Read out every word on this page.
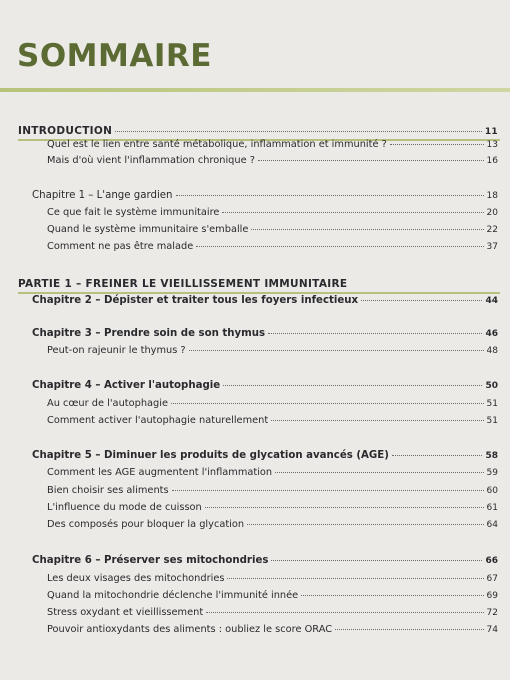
SOMMAIRE
INTRODUCTION	11
Quel est le lien entre santé métabolique, inflammation et immunité ?	13
Mais d'où vient l'inflammation chronique ?	16
Chapitre 1 – L'ange gardien	18
Ce que fait le système immunitaire	20
Quand le système immunitaire s'emballe	22
Comment ne pas être malade	37
PARTIE 1 – FREINER LE VIEILLISSEMENT IMMUNITAIRE
Chapitre 2 – Dépister et traiter tous les foyers infectieux	44
Chapitre 3 – Prendre soin de son thymus	46
Peut-on rajeunir le thymus ?	48
Chapitre 4 – Activer l'autophagie	50
Au cœur de l'autophagie	51
Comment activer l'autophagie naturellement	51
Chapitre 5 – Diminuer les produits de glycation avancés (AGE)	58
Comment les AGE augmentent l'inflammation	59
Bien choisir ses aliments	60
L'influence du mode de cuisson	61
Des composés pour bloquer la glycation	64
Chapitre 6 – Préserver ses mitochondries	66
Les deux visages des mitochondries	67
Quand la mitochondrie déclenche l'immunité innée	69
Stress oxydant et vieillissement	72
Pouvoir antioxydants des aliments : oubliez le score ORAC	74
